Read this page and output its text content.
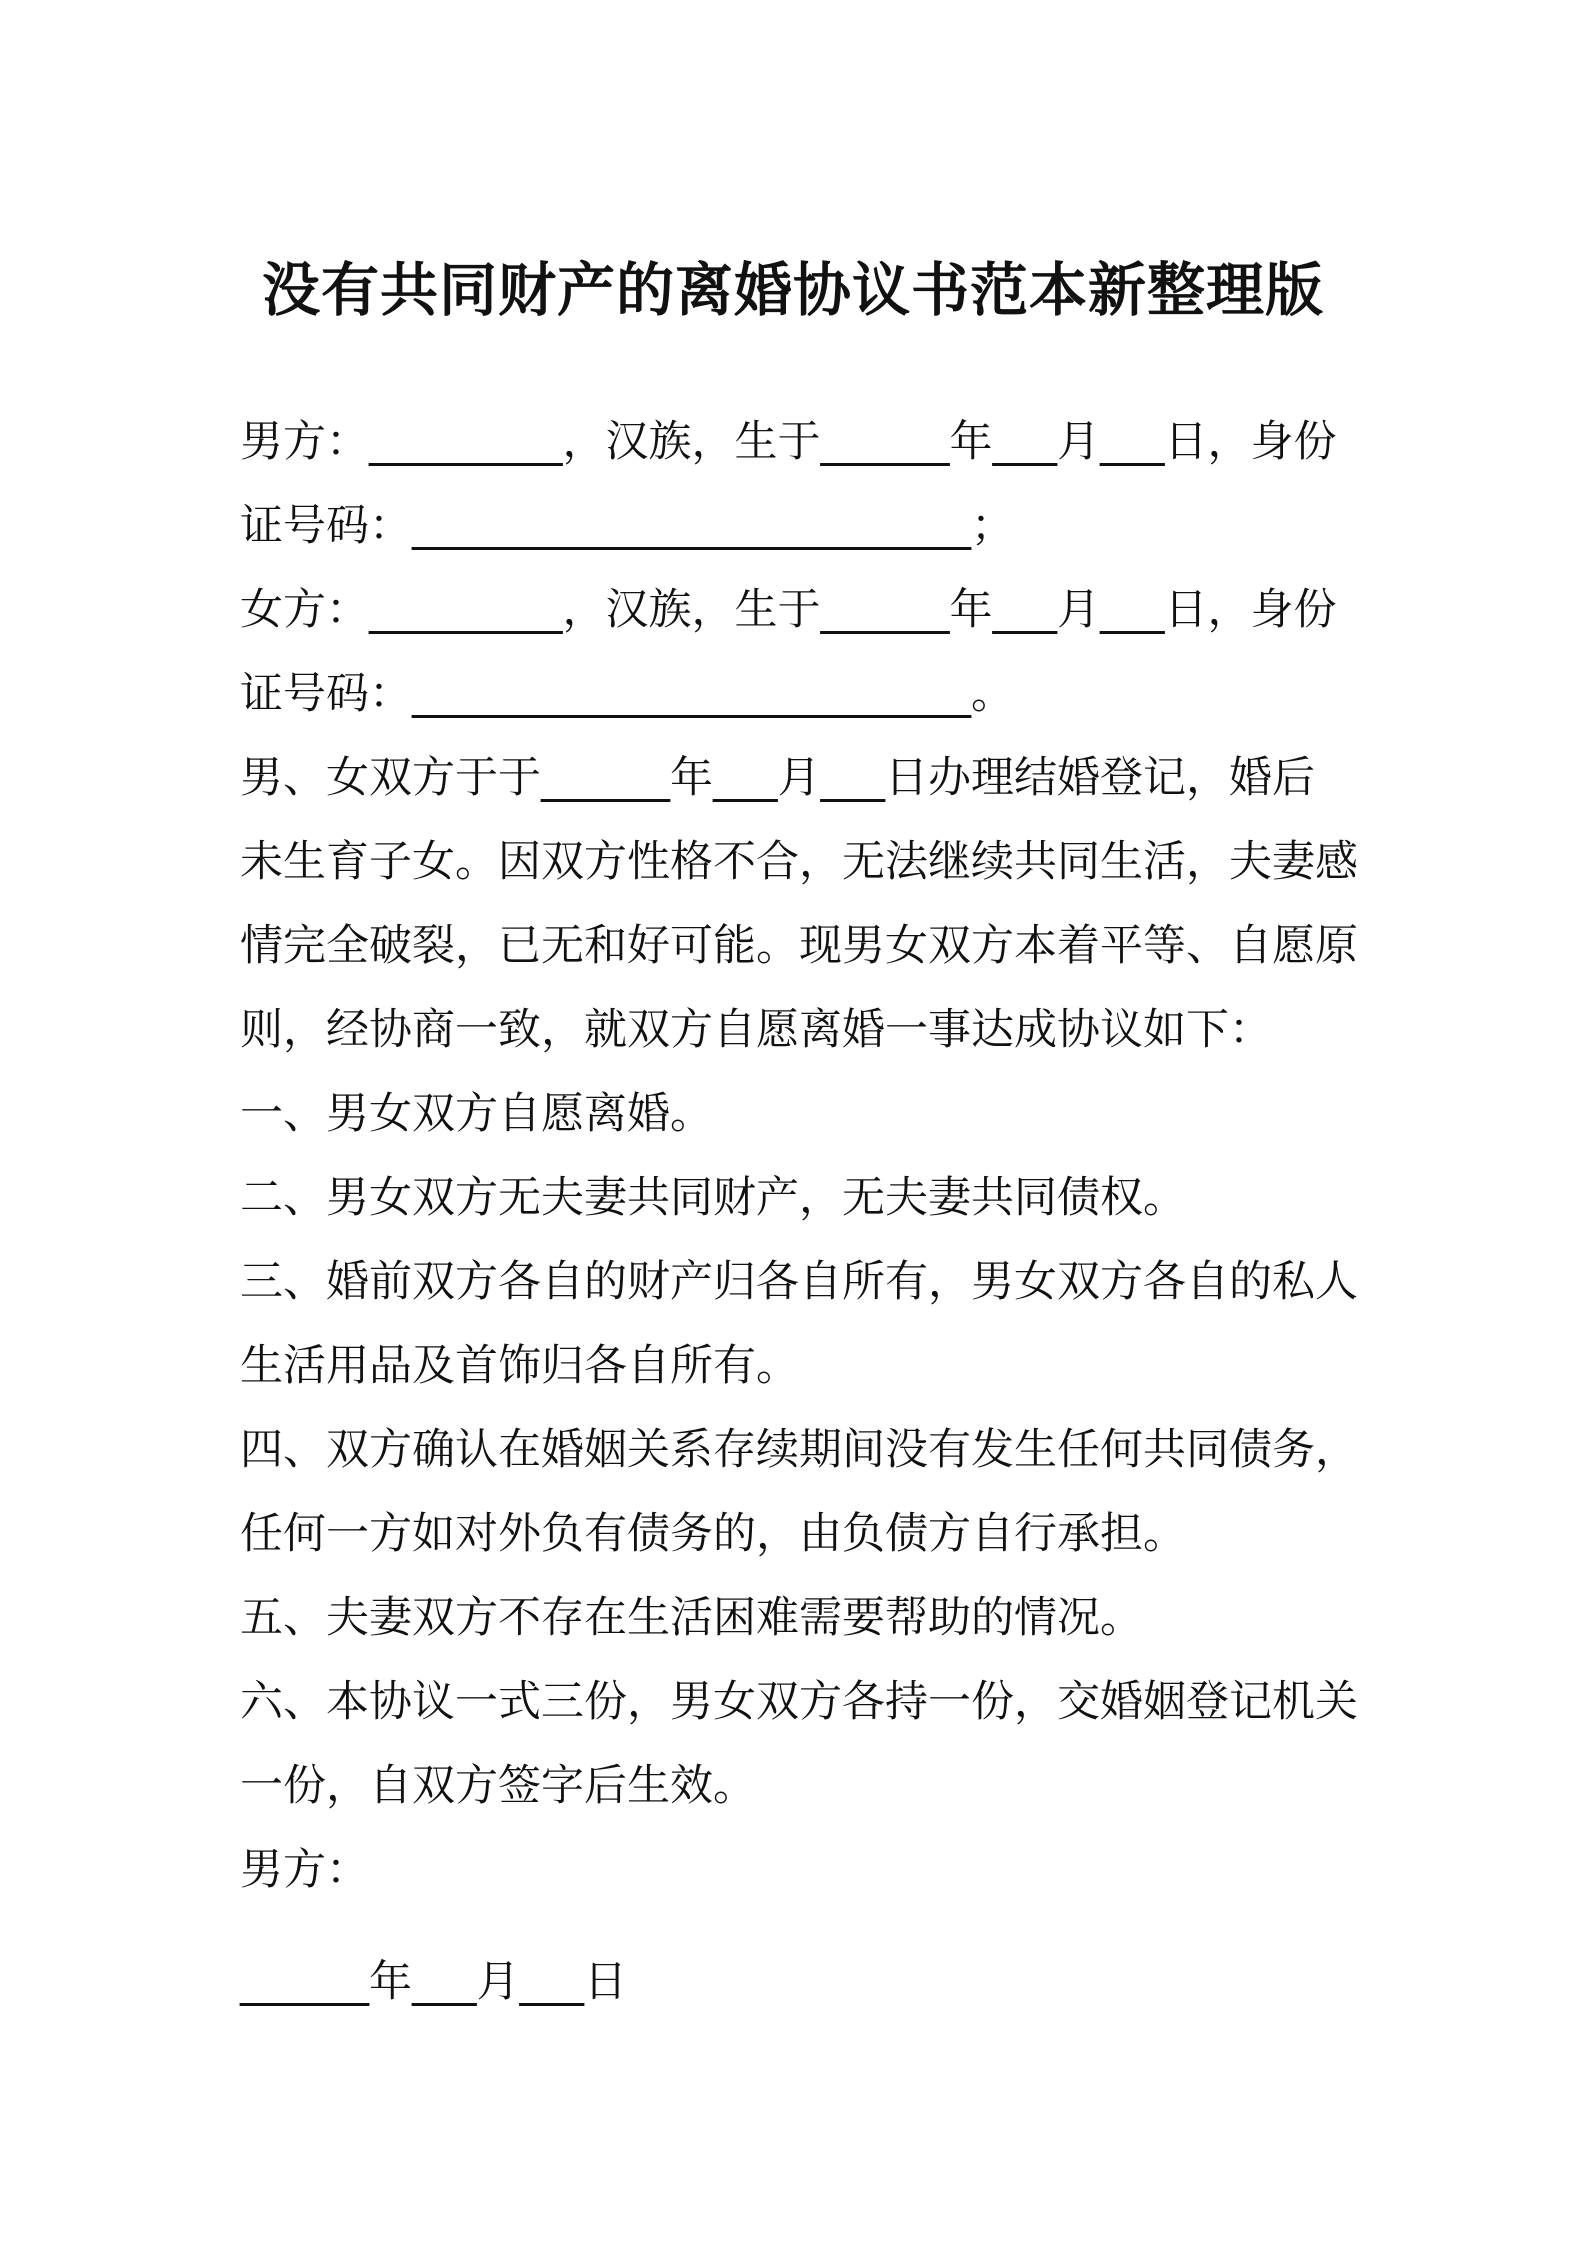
没有共同财产的离婚协议书范本新整理版
男方：_________，汉族，生于______年___月___日，身份
证号码：__________________________；
女方：_________，汉族，生于______年___月___日，身份
证号码：__________________________。
男、女双方于于______年___月___日办理结婚登记，婚后
未生育子女。因双方性格不合，无法继续共同生活，夫妻感
情完全破裂，已无和好可能。现男女双方本着平等、自愿原
则，经协商一致，就双方自愿离婚一事达成协议如下：
一、男女双方自愿离婚。
二、男女双方无夫妻共同财产，无夫妻共同债权。
三、婚前双方各自的财产归各自所有，男女双方各自的私人
生活用品及首饰归各自所有。
四、双方确认在婚姻关系存续期间没有发生任何共同债务，
任何一方如对外负有债务的，由负债方自行承担。
五、夫妻双方不存在生活困难需要帮助的情况。
六、本协议一式三份，男女双方各持一份，交婚姻登记机关
一份，自双方签字后生效。
男方：
______年___月___日
